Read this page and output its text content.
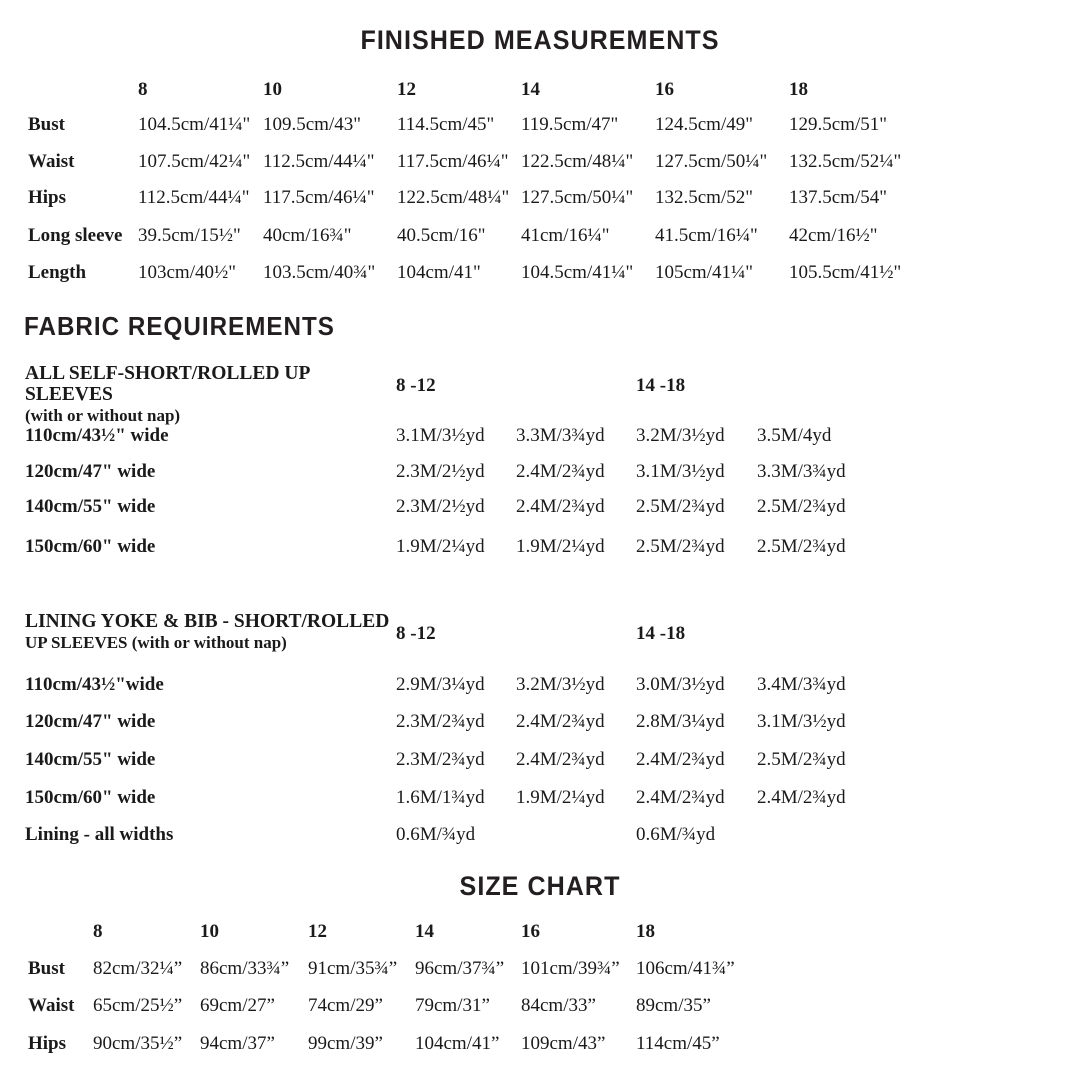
FINISHED MEASUREMENTS
8	10	12	14	16	18
Bust	104.5cm/41¼" 109.5cm/43" 114.5cm/45" 119.5cm/47" 124.5cm/49" 129.5cm/51"
Waist	107.5cm/42¼" 112.5cm/44¼" 117.5cm/46¼" 122.5cm/48¼" 127.5cm/50¼" 132.5cm/52¼"
Hips	112.5cm/44¼" 117.5cm/46¼" 122.5cm/48¼" 127.5cm/50¼" 132.5cm/52" 137.5cm/54"
Long sleeve 39.5cm/15½" 40cm/16¾" 40.5cm/16" 41cm/16¼" 41.5cm/16¼" 42cm/16½"
Length	103cm/40½" 103.5cm/40¾" 104cm/41" 104.5cm/41¼" 105cm/41¼" 105.5cm/41½"
FABRIC REQUIREMENTS
ALL SELF-SHORT/ROLLED UP SLEEVES
(with or without nap)
8 -12	14 -18
110cm/43½" wide	3.1M/3½yd 3.3M/3¾yd 3.2M/3½yd 3.5M/4yd
120cm/47" wide	2.3M/2½yd 2.4M/2¾yd 3.1M/3½yd 3.3M/3¾yd
140cm/55" wide	2.3M/2½yd 2.4M/2¾yd 2.5M/2¾yd 2.5M/2¾yd
150cm/60" wide	1.9M/2¼yd 1.9M/2¼yd 2.5M/2¾yd 2.5M/2¾yd
LINING YOKE & BIB - SHORT/ROLLED
UP SLEEVES (with or without nap)	8 -12	14 -18
110cm/43½"wide	2.9M/3¼yd 3.2M/3½yd 3.0M/3½yd 3.4M/3¾yd
120cm/47" wide	2.3M/2¾yd 2.4M/2¾yd 2.8M/3¼yd 3.1M/3½yd
140cm/55" wide	2.3M/2¾yd 2.4M/2¾yd 2.4M/2¾yd 2.5M/2¾yd
150cm/60" wide	1.6M/1¾yd 1.9M/2¼yd 2.4M/2¾yd 2.4M/2¾yd
Lining - all widths	0.6M/¾yd	0.6M/¾yd
SIZE CHART
8	10	12	14	16	18
Bust 82cm/32¼” 86cm/33¾” 91cm/35¾” 96cm/37¾” 101cm/39¾” 106cm/41¾”
Waist 65cm/25½” 69cm/27” 74cm/29” 79cm/31” 84cm/33” 89cm/35”
Hips 90cm/35½” 94cm/37” 99cm/39” 104cm/41” 109cm/43” 114cm/45”
